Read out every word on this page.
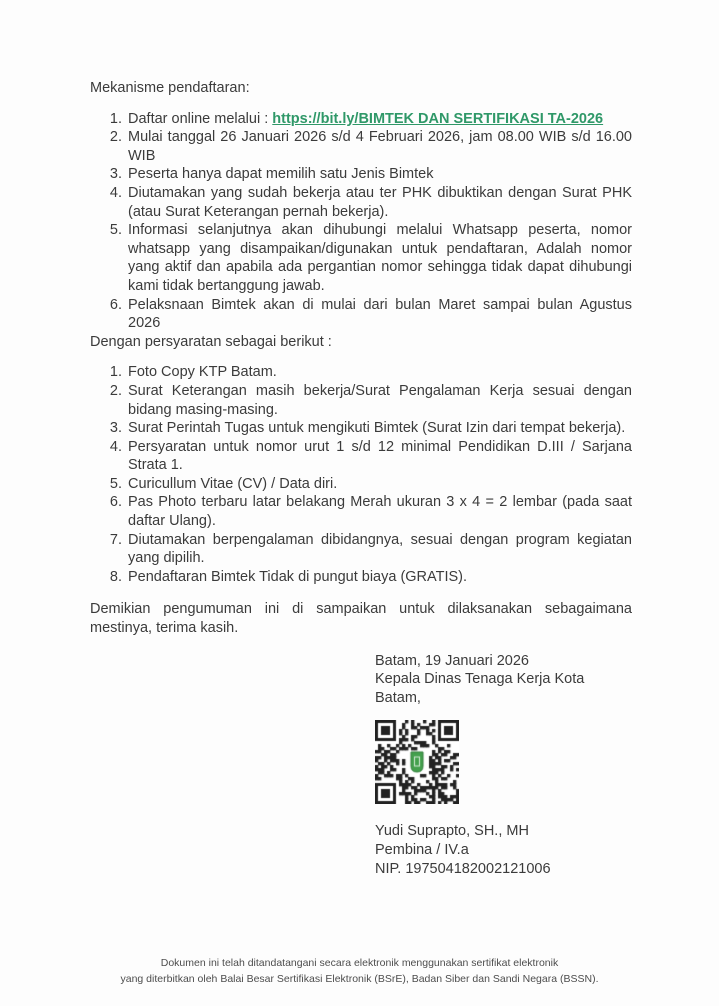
Mekanisme pendaftaran:

1. Daftar online melalui : https://bit.ly/BIMTEK DAN SERTIFIKASI TA-2026
2. Mulai tanggal 26 Januari 2026 s/d 4 Februari 2026, jam 08.00 WIB s/d 16.00 WIB
3. Peserta hanya dapat memilih satu Jenis Bimtek
4. Diutamakan yang sudah bekerja atau ter PHK dibuktikan dengan Surat PHK (atau Surat Keterangan pernah bekerja).
5. Informasi selanjutnya akan dihubungi melalui Whatsapp peserta, nomor whatsapp yang disampaikan/digunakan untuk pendaftaran, Adalah nomor yang aktif dan apabila ada pergantian nomor sehingga tidak dapat dihubungi kami tidak bertanggung jawab.
6. Pelaksnaan Bimtek akan di mulai dari bulan Maret sampai bulan Agustus 2026

Dengan persyaratan sebagai berikut :

1. Foto Copy KTP Batam.
2. Surat Keterangan masih bekerja/Surat Pengalaman Kerja sesuai dengan bidang masing-masing.
3. Surat Perintah Tugas untuk mengikuti Bimtek (Surat Izin dari tempat bekerja).
4. Persyaratan untuk nomor urut 1 s/d 12 minimal Pendidikan D.III / Sarjana Strata 1.
5. Curicullum Vitae (CV) / Data diri.
6. Pas Photo terbaru latar belakang Merah ukuran 3 x 4 = 2 lembar (pada saat daftar Ulang).
7. Diutamakan berpengalaman dibidangnya, sesuai dengan program kegiatan yang dipilih.
8. Pendaftaran Bimtek Tidak di pungut biaya (GRATIS).

Demikian pengumuman ini di sampaikan untuk dilaksanakan sebagaimana mestinya, terima kasih.

Batam, 19 Januari 2026

Kepala Dinas Tenaga Kerja Kota

Batam,

Yudi Suprapto, SH., MH

Pembina / IV.a

NIP. 197504182002121006

Dokumen ini telah ditandatangani secara elektronik menggunakan sertifikat elektronik

yang diterbitkan oleh Balai Besar Sertifikasi Elektronik (BSrE), Badan Siber dan Sandi Negara (BSSN).
